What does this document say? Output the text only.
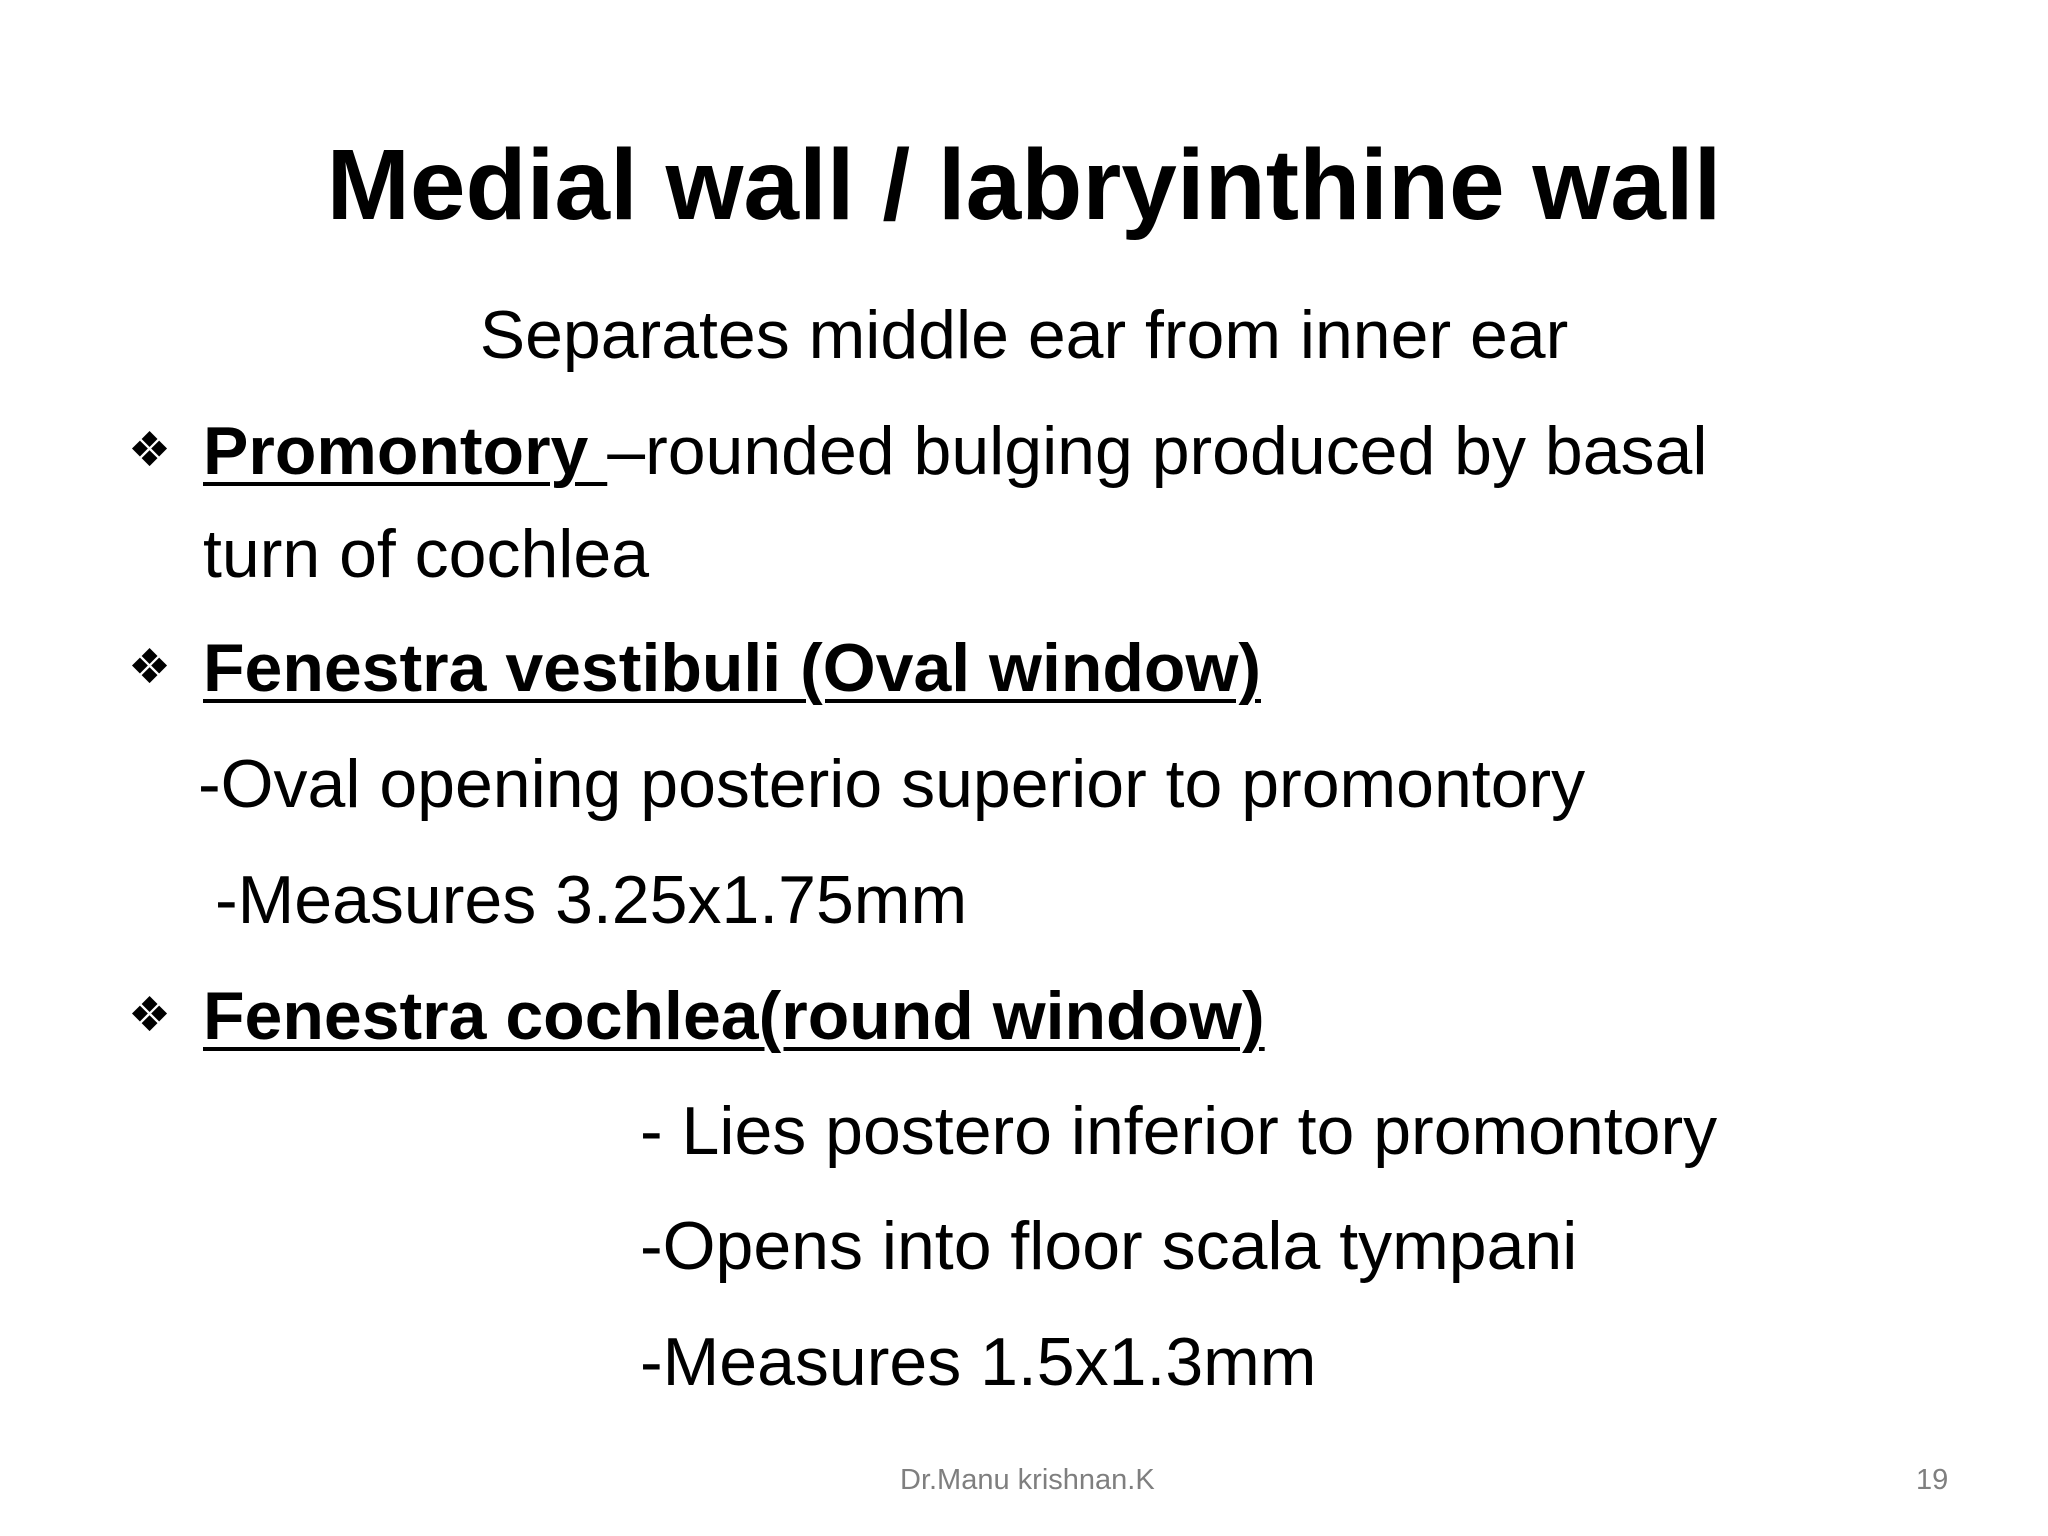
Medial wall / labryinthine wall
Separates middle ear from inner ear
❖ Promontory –rounded bulging produced by basal
turn of cochlea
❖ Fenestra vestibuli (Oval window)
-Oval opening posterio superior to promontory
-Measures 3.25x1.75mm
❖ Fenestra cochlea(round window)
- Lies postero inferior to promontory
-Opens into floor scala tympani
-Measures 1.5x1.3mm
Dr.Manu krishnan.K	19
